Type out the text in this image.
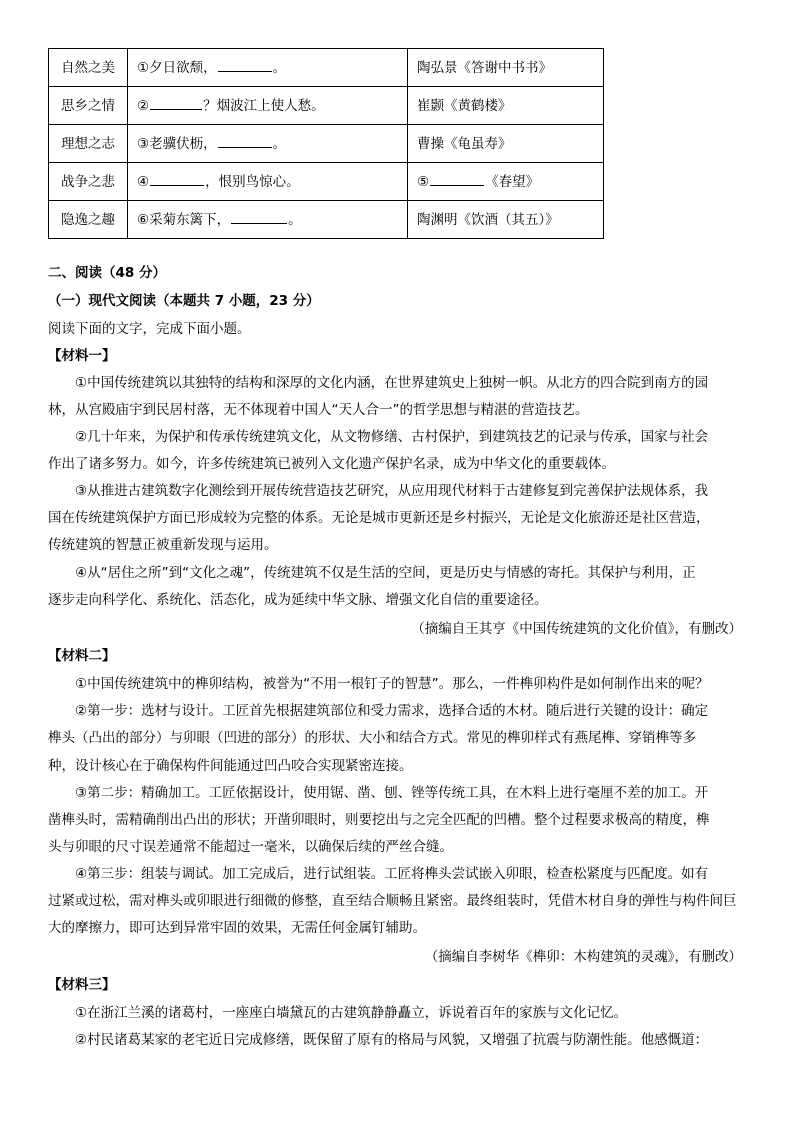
自然之美	①夕日欲颓， 。	陶弘景《答谢中书书》
思乡之情	② ？烟波江上使人愁。	崔颢《黄鹤楼》
理想之志	③老骥伏枥， 。	曹操《龟虽寿》
战争之悲	④ ，恨别鸟惊心。	⑤ 《春望》
隐逸之趣	⑥采菊东篱下， 。	陶渊明《饮酒（其五）》
二、阅读（48 分）
（一）现代文阅读（本题共 7 小题，23 分）
阅读下面的文字，完成下面小题。
【材料一】
①中国传统建筑以其独特的结构和深厚的文化内涵，在世界建筑史上独树一帜。从北方的四合院到南方的园
林，从宫殿庙宇到民居村落，无不体现着中国人“天人合一”的哲学思想与精湛的营造技艺。
②几十年来，为保护和传承传统建筑文化，从文物修缮、古村保护，到建筑技艺的记录与传承，国家与社会
作出了诸多努力。如今，许多传统建筑已被列入文化遗产保护名录，成为中华文化的重要载体。
③从推进古建筑数字化测绘到开展传统营造技艺研究，从应用现代材料于古建修复到完善保护法规体系，我
国在传统建筑保护方面已形成较为完整的体系。无论是城市更新还是乡村振兴，无论是文化旅游还是社区营造，
传统建筑的智慧正被重新发现与运用。
④从“居住之所”到“文化之魂”，传统建筑不仅是生活的空间，更是历史与情感的寄托。其保护与利用，正
逐步走向科学化、系统化、活态化，成为延续中华文脉、增强文化自信的重要途径。
（摘编自王其亨《中国传统建筑的文化价值》，有删改）
【材料二】
①中国传统建筑中的榫卯结构，被誉为“不用一根钉子的智慧”。那么，一件榫卯构件是如何制作出来的呢？
②第一步：选材与设计。工匠首先根据建筑部位和受力需求，选择合适的木材。随后进行关键的设计：确定
榫头（凸出的部分）与卯眼（凹进的部分）的形状、大小和结合方式。常见的榫卯样式有燕尾榫、穿销榫等多
种，设计核心在于确保构件间能通过凹凸咬合实现紧密连接。
③第二步：精确加工。工匠依据设计，使用锯、凿、刨、锉等传统工具，在木料上进行毫厘不差的加工。开
凿榫头时，需精确削出凸出的形状；开凿卯眼时，则要挖出与之完全匹配的凹槽。整个过程要求极高的精度，榫
头与卯眼的尺寸误差通常不能超过一毫米，以确保后续的严丝合缝。
④第三步：组装与调试。加工完成后，进行试组装。工匠将榫头尝试嵌入卯眼，检查松紧度与匹配度。如有
过紧或过松，需对榫头或卯眼进行细微的修整，直至结合顺畅且紧密。最终组装时，凭借木材自身的弹性与构件间巨
大的摩擦力，即可达到异常牢固的效果，无需任何金属钉辅助。
（摘编自李树华《榫卯：木构建筑的灵魂》，有删改）
【材料三】
①在浙江兰溪的诸葛村，一座座白墙黛瓦的古建筑静静矗立，诉说着百年的家族与文化记忆。
②村民诸葛某家的老宅近日完成修缮，既保留了原有的格局与风貌，又增强了抗震与防潮性能。他感慨道：
